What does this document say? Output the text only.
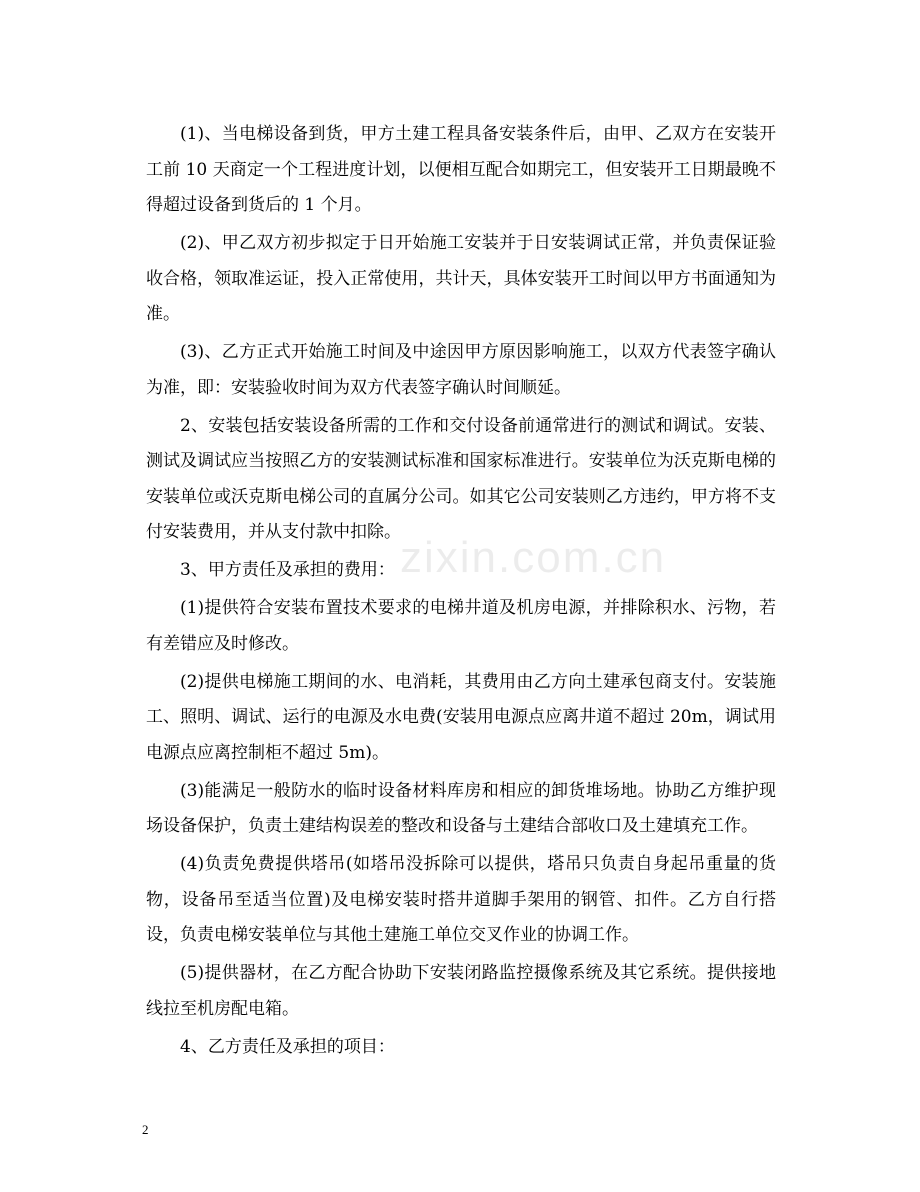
(1)、当电梯设备到货，甲方土建工程具备安装条件后，由甲、乙双方在安装开工前 10 天商定一个工程进度计划，以便相互配合如期完工，但安装开工日期最晚不得超过设备到货后的 1 个月。

(2)、甲乙双方初步拟定于日开始施工安装并于日安装调试正常，并负责保证验收合格，领取准运证，投入正常使用，共计天，具体安装开工时间以甲方书面通知为准。

(3)、乙方正式开始施工时间及中途因甲方原因影响施工，以双方代表签字确认为准，即：安装验收时间为双方代表签字确认时间顺延。

2、安装包括安装设备所需的工作和交付设备前通常进行的测试和调试。安装、测试及调试应当按照乙方的安装测试标准和国家标准进行。安装单位为沃克斯电梯的安装单位或沃克斯电梯公司的直属分公司。如其它公司安装则乙方违约，甲方将不支付安装费用，并从支付款中扣除。

3、甲方责任及承担的费用：

(1)提供符合安装布置技术要求的电梯井道及机房电源，并排除积水、污物，若有差错应及时修改。

(2)提供电梯施工期间的水、电消耗，其费用由乙方向土建承包商支付。安装施工、照明、调试、运行的电源及水电费(安装用电源点应离井道不超过 20m，调试用电源点应离控制柜不超过 5m)。

(3)能满足一般防水的临时设备材料库房和相应的卸货堆场地。协助乙方维护现场设备保护，负责土建结构误差的整改和设备与土建结合部收口及土建填充工作。

(4)负责免费提供塔吊(如塔吊没拆除可以提供，塔吊只负责自身起吊重量的货物，设备吊至适当位置)及电梯安装时搭井道脚手架用的钢管、扣件。乙方自行搭设，负责电梯安装单位与其他土建施工单位交叉作业的协调工作。

(5)提供器材，在乙方配合协助下安装闭路监控摄像系统及其它系统。提供接地线拉至机房配电箱。

4、乙方责任及承担的项目：

zixin.com.cn
2
